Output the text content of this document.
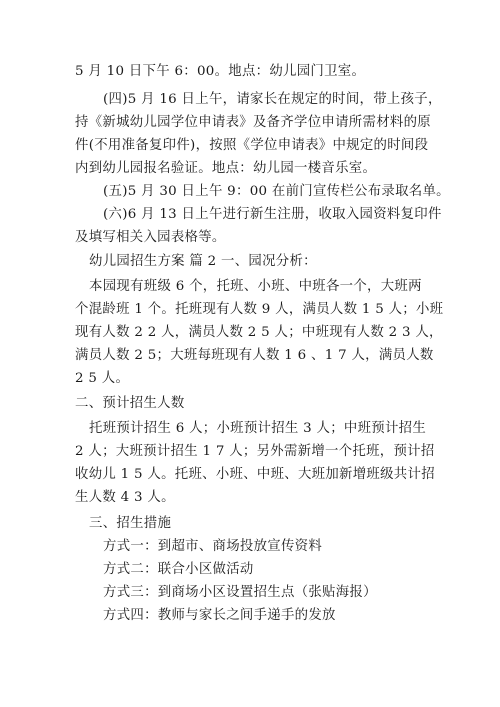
5 月 10 日下午 6：00。地点：幼儿园门卫室。
(四)5 月 16 日上午，请家长在规定的时间，带上孩子，
持《新城幼儿园学位申请表》及备齐学位申请所需材料的原
件(不用准备复印件)，按照《学位申请表》中规定的时间段
内到幼儿园报名验证。地点：幼儿园一楼音乐室。
(五)5 月 30 日上午 9：00 在前门宣传栏公布录取名单。
(六)6 月 13 日上午进行新生注册，收取入园资料复印件
及填写相关入园表格等。
幼儿园招生方案 篇 2 一、园况分析：
本园现有班级 6 个，托班、小班、中班各一个，大班两
个混龄班 1 个。托班现有人数 9 人，满员人数 1 5 人；小班
现有人数 2 2 人，满员人数 2 5 人；中班现有人数 2 3 人，
满员人数 2 5；大班每班现有人数 1 6 、1 7 人，满员人数
2 5 人。
二、预计招生人数
托班预计招生 6 人；小班预计招生 3 人；中班预计招生
2 人；大班预计招生 1 7 人；另外需新增一个托班，预计招
收幼儿 1 5 人。托班、小班、中班、大班加新增班级共计招
生人数 4 3 人。
三、招生措施
方式一：到超市、商场投放宣传资料
方式二：联合小区做活动
方式三：到商场小区设置招生点（张贴海报）
方式四：教师与家长之间手递手的发放
